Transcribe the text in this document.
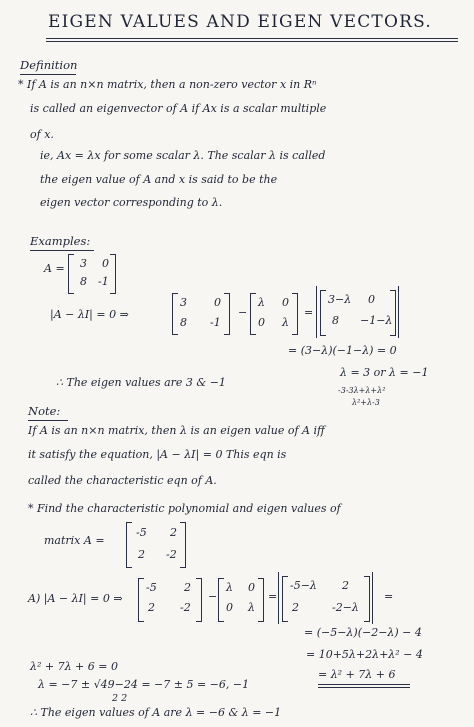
EIGEN VALUES AND EIGEN VECTORS.
Definition
* If A is an n×n matrix, then a non-zero vector x in Rⁿ
is called an eigenvector of A if Ax is a scalar multiple
of x.
ie, Ax = λx for some scalar λ. The scalar λ is called
the eigen value of A and x is said to be the
eigen vector corresponding to λ.
Examples:
A = 3 0
8 -1
|A − λI| = 0 ⇒
3 0
8 -1
−
λ 0
0 λ
=
3−λ 0
8 −1−λ
= (3−λ)(−1−λ) = 0
λ = 3 or λ = −1
-3-3λ+λ+λ²
λ²+λ-3
∴ The eigen values are 3 & −1
Note:
If A is an n×n matrix, then λ is an eigen value of A iff
it satisfy the equation, |A − λI| = 0 This eqn is
called the characteristic eqn of A.
* Find the characteristic polynomial and eigen values of
matrix A =
-5 2
2 -2
A) |A − λI| = 0 ⇒
-5 2
2 -2
−
λ 0
0 λ
=
-5−λ 2
2	-2−λ
=
= (−5−λ)(−2−λ) − 4
= 10+5λ+2λ+λ² − 4
= λ² + 7λ + 6
λ² + 7λ + 6 = 0
λ = −7 ± √49−24 = −7 ± 5 = −6, −1
2 2
∴ The eigen values of A are λ = −6 & λ = −1
